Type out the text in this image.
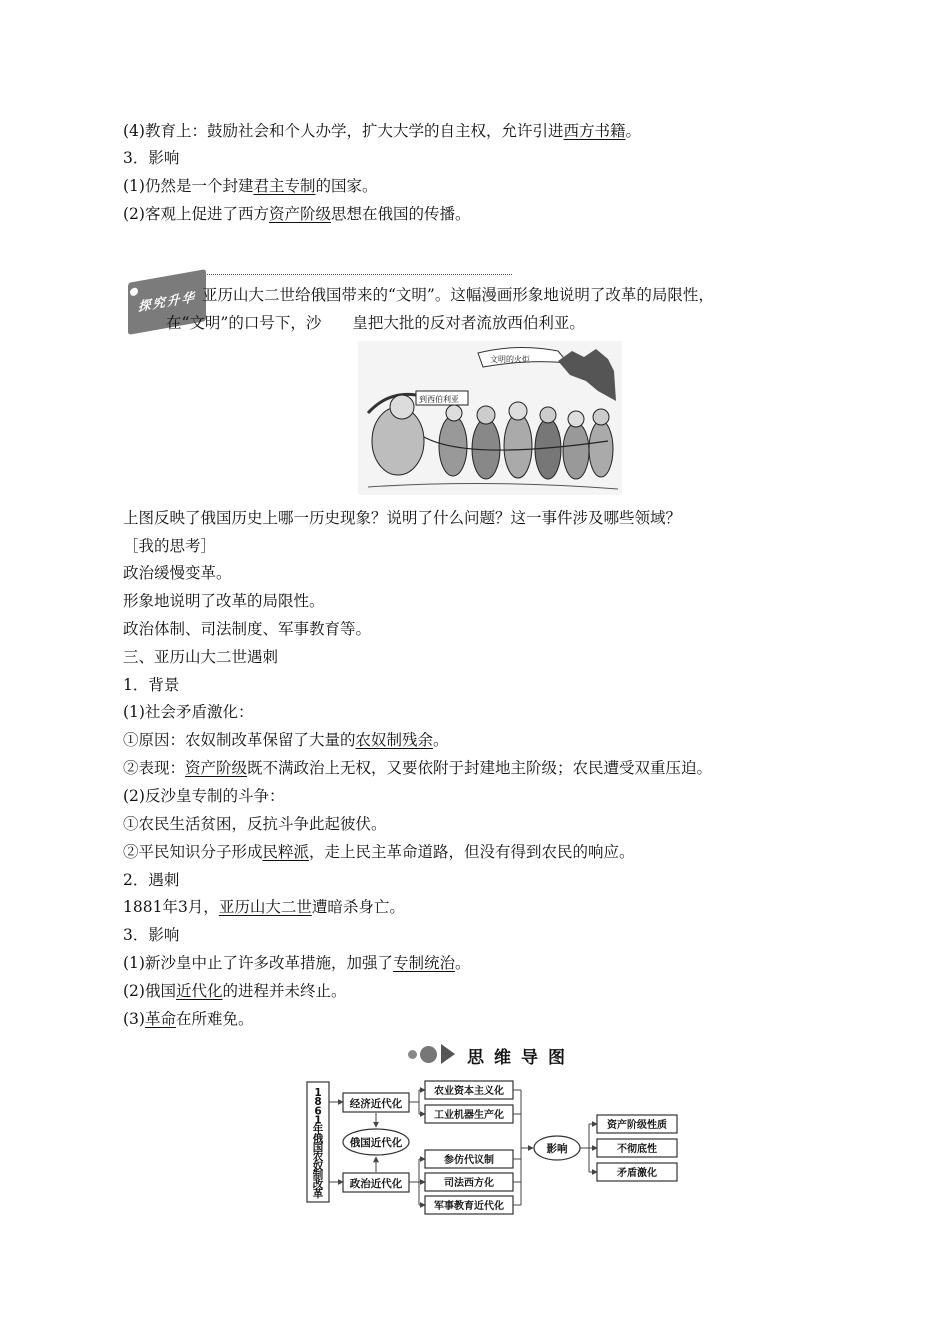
(4)教育上：鼓励社会和个人办学，扩大大学的自主权，允许引进西方书籍。
3．影响
(1)仍然是一个封建君主专制的国家。
(2)客观上促进了西方资产阶级思想在俄国的传播。
探究升华 亚历山大二世给俄国带来的“文明”。这幅漫画形象地说明了改革的局限性，
在“文明”的口号下，沙　　皇把大批的反对者流放西伯利亚。
文明的火炬
到西伯利亚
上图反映了俄国历史上哪一历史现象？说明了什么问题？这一事件涉及哪些领域？
［我的思考］
政治缓慢变革。
形象地说明了改革的局限性。
政治体制、司法制度、军事教育等。
三、亚历山大二世遇刺
1．背景
(1)社会矛盾激化：
①原因：农奴制改革保留了大量的农奴制残余。
②表现：资产阶级既不满政治上无权，又要依附于封建地主阶级；农民遭受双重压迫。
(2)反沙皇专制的斗争：
①农民生活贫困，反抗斗争此起彼伏。
②平民知识分子形成民粹派，走上民主革命道路，但没有得到农民的响应。
2．遇刺
1881年3月，亚历山大二世遭暗杀身亡。
3．影响
(1)新沙皇中止了许多改革措施，加强了专制统治。
(2)俄国近代化的进程并未终止。
(3)革命在所难免。
思维导图
1 8 6 1 年俄国农奴制改革
经济近代化
俄国近代化
政治近代化
农业资本主义化
工业机器生产化
参仿代议制
司法西方化
军事教育近代化
影响
资产阶级性质
不彻底性
矛盾激化
